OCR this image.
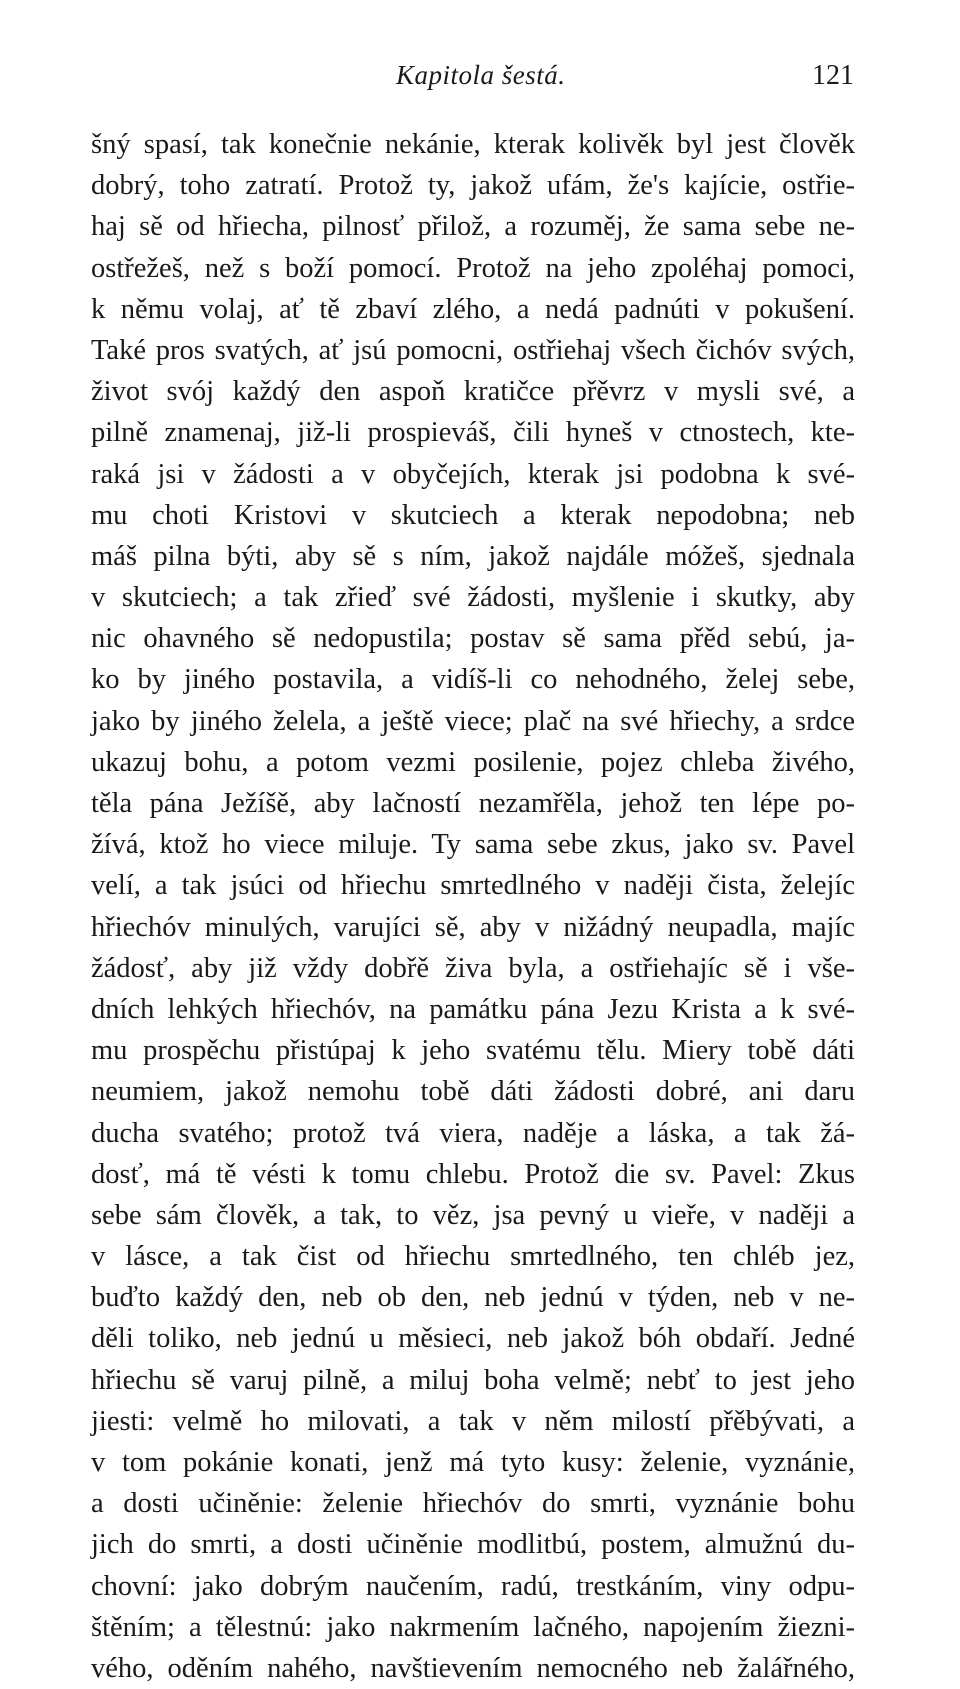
Kapitola šestá.	121
šný spasí, tak konečnie nekánie, kterak kolivěk byl jest člověk
dobrý, toho zatratí. Protož ty, jakož ufám, že's kajície, ostřie-
haj sě od hřiecha, pilnosť přilož, a rozuměj, že sama sebe ne-
ostřežeš, než s boží pomocí. Protož na jeho zpoléhaj pomoci,
k němu volaj, ať tě zbaví zlého, a nedá padnúti v pokušení.
Také pros svatých, ať jsú pomocni, ostřiehaj všech čichóv svých,
život svój každý den aspoň kratičce přěvrz v mysli své, a
pilně znamenaj, již-li prospieváš, čili hyneš v ctnostech, kte-
raká jsi v žádosti a v obyčejích, kterak jsi podobna k své-
mu choti Kristovi v skutciech a kterak nepodobna; neb
máš pilna býti, aby sě s ním, jakož najdále móžeš, sjednala
v skutciech; a tak zřieď své žádosti, myšlenie i skutky, aby
nic ohavného sě nedopustila; postav sě sama přěd sebú, ja-
ko by jiného postavila, a vidíš-li co nehodného, želej sebe,
jako by jiného želela, a ještě viece; plač na své hřiechy, a srdce
ukazuj bohu, a potom vezmi posilenie, pojez chleba živého,
těla pána Ježíšě, aby lačností nezamřěla, jehož ten lépe po-
žívá, ktož ho viece miluje. Ty sama sebe zkus, jako sv. Pavel
velí, a tak jsúci od hřiechu smrtedlného v naději čista, želejíc
hřiechóv minulých, varujíci sě, aby v nižádný neupadla, majíc
žádosť, aby již vždy dobřě živa byla, a ostřiehajíc sě i vše-
dních lehkých hřiechóv, na památku pána Jezu Krista a k své-
mu prospěchu přistúpaj k jeho svatému tělu. Miery tobě dáti
neumiem, jakož nemohu tobě dáti žádosti dobré, ani daru
ducha svatého; protož tvá viera, naděje a láska, a tak žá-
dosť, má tě vésti k tomu chlebu. Protož die sv. Pavel: Zkus
sebe sám člověk, a tak, to věz, jsa pevný u vieře, v naději a
v lásce, a tak čist od hřiechu smrtedlného, ten chléb jez,
buďto každý den, neb ob den, neb jednú v týden, neb v ne-
děli toliko, neb jednú u měsieci, neb jakož bóh obdaří. Jedné
hřiechu sě varuj pilně, a miluj boha velmě; nebť to jest jeho
jiesti: velmě ho milovati, a tak v něm milostí přěbývati, a
v tom pokánie konati, jenž má tyto kusy: želenie, vyznánie,
a dosti učiněnie: želenie hřiechóv do smrti, vyznánie bohu
jich do smrti, a dosti učiněnie modlitbú, postem, almužnú du-
chovní: jako dobrým naučením, radú, trestkáním, viny odpu-
štěním; a tělestnú: jako nakrmením lačného, napojením žiezni-
vého, oděním nahého, navštievením nemocného neb žalářného,
